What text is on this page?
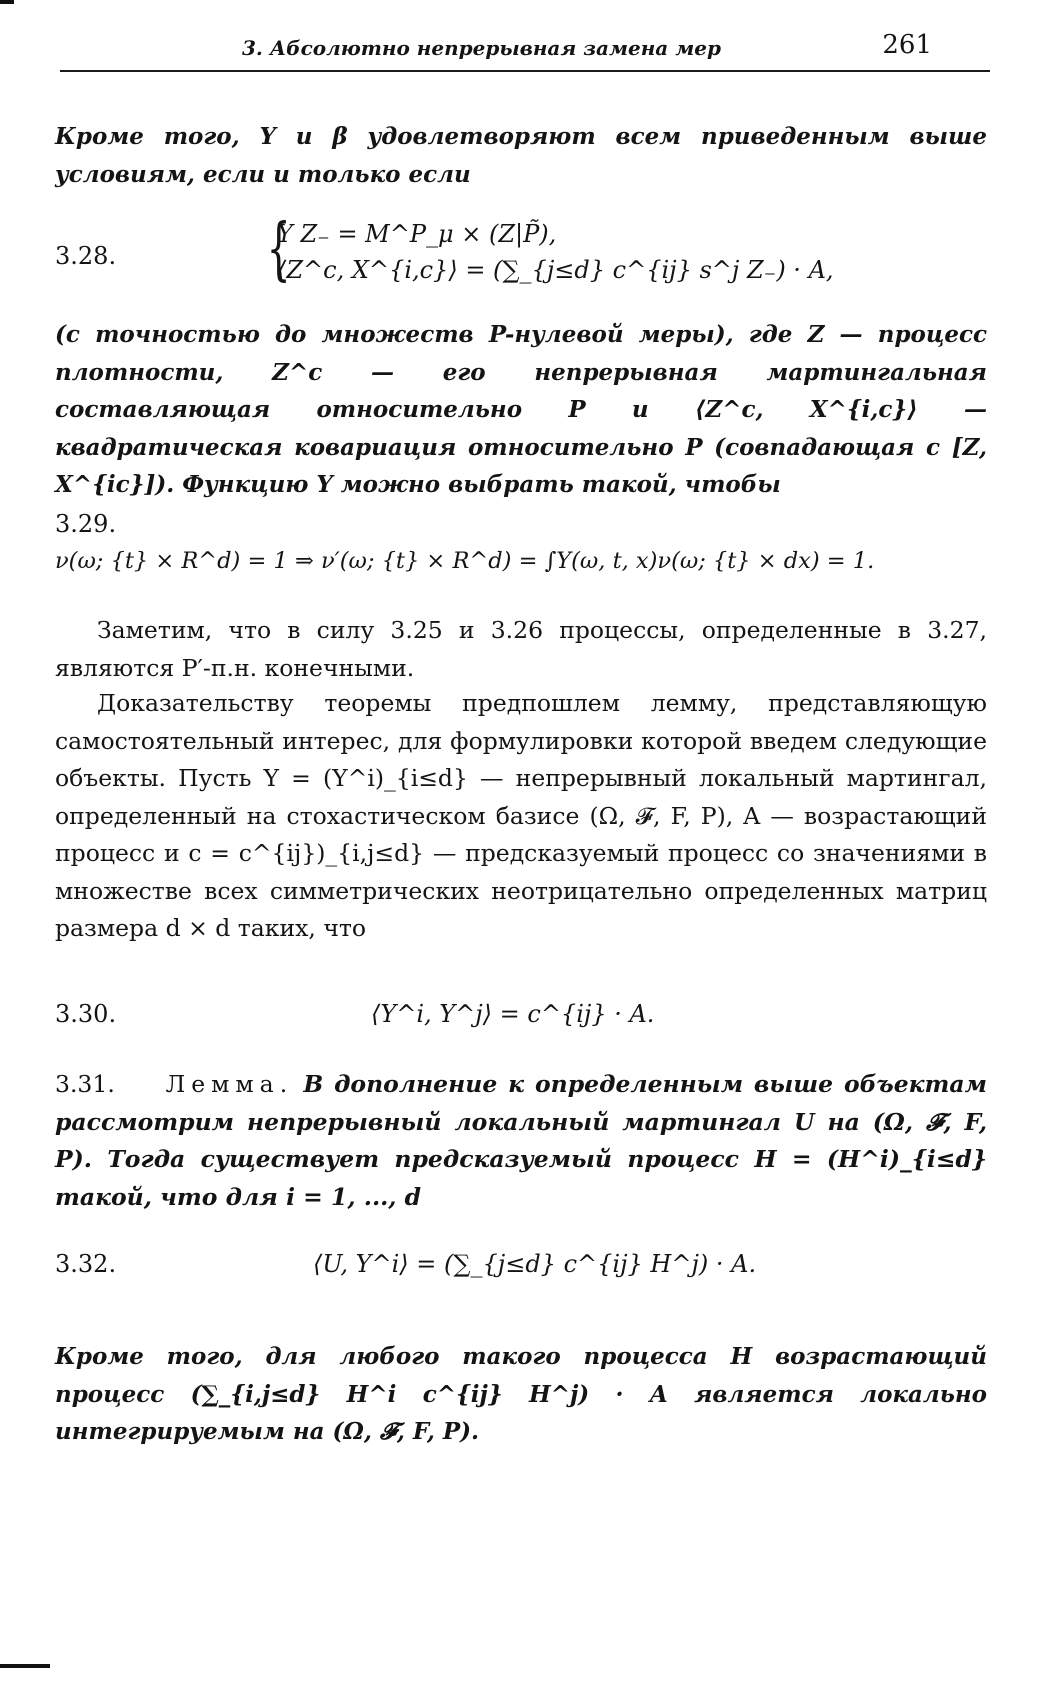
3. Абсолютно непрерывная замена мер	261
Кроме того, Y и β удовлетворяют всем приведенным выше условиям, если и только если
3.28. {
Y Z₋ = M^P_μ × (Z|P̃),
⟨Z^c, X^{i,c}⟩ = (∑_{j≤d} c^{ij} s^j Z₋) · A,
(с точностью до множеств P-нулевой меры), где Z — процесс плотности, Z^c — его непрерывная мартингальная составляющая относительно P и ⟨Z^c, X^{i,c}⟩ — квадратическая ковариация относительно P (совпадающая с [Z, X^{ic}]). Функцию Y можно выбрать такой, чтобы
3.29.
ν(ω; {t} × R^d) = 1 ⇒ ν′(ω; {t} × R^d) = ∫Y(ω, t, x)ν(ω; {t} × dx) = 1.
Заметим, что в силу 3.25 и 3.26 процессы, определенные в 3.27, являются P′-п.н. конечными.
Доказательству теоремы предпошлем лемму, представляющую самостоятельный интерес, для формулировки которой введем следующие объекты. Пусть Y = (Y^i)_{i≤d} — непрерывный локальный мартингал, определенный на стохастическом базисе (Ω, 𝓕, F, P), A — возрастающий процесс и c = c^{ij})_{i,j≤d} — предсказуемый процесс со значениями в множестве всех симметрических неотрицательно определенных матриц размера d × d таких, что
3.30.	⟨Y^i, Y^j⟩ = c^{ij} · A.
3.31. Лемма. В дополнение к определенным выше объектам рассмотрим непрерывный локальный мартингал U на (Ω, 𝓕, F, P). Тогда существует предсказуемый процесс H = (H^i)_{i≤d} такой, что для i = 1, ..., d
3.32.	⟨U, Y^i⟩ = (∑_{j≤d} c^{ij} H^j) · A.
Кроме того, для любого такого процесса H возрастающий процесс (∑_{i,j≤d} H^i c^{ij} H^j) · A является локально интегрируемым на (Ω, 𝓕, F, P).
